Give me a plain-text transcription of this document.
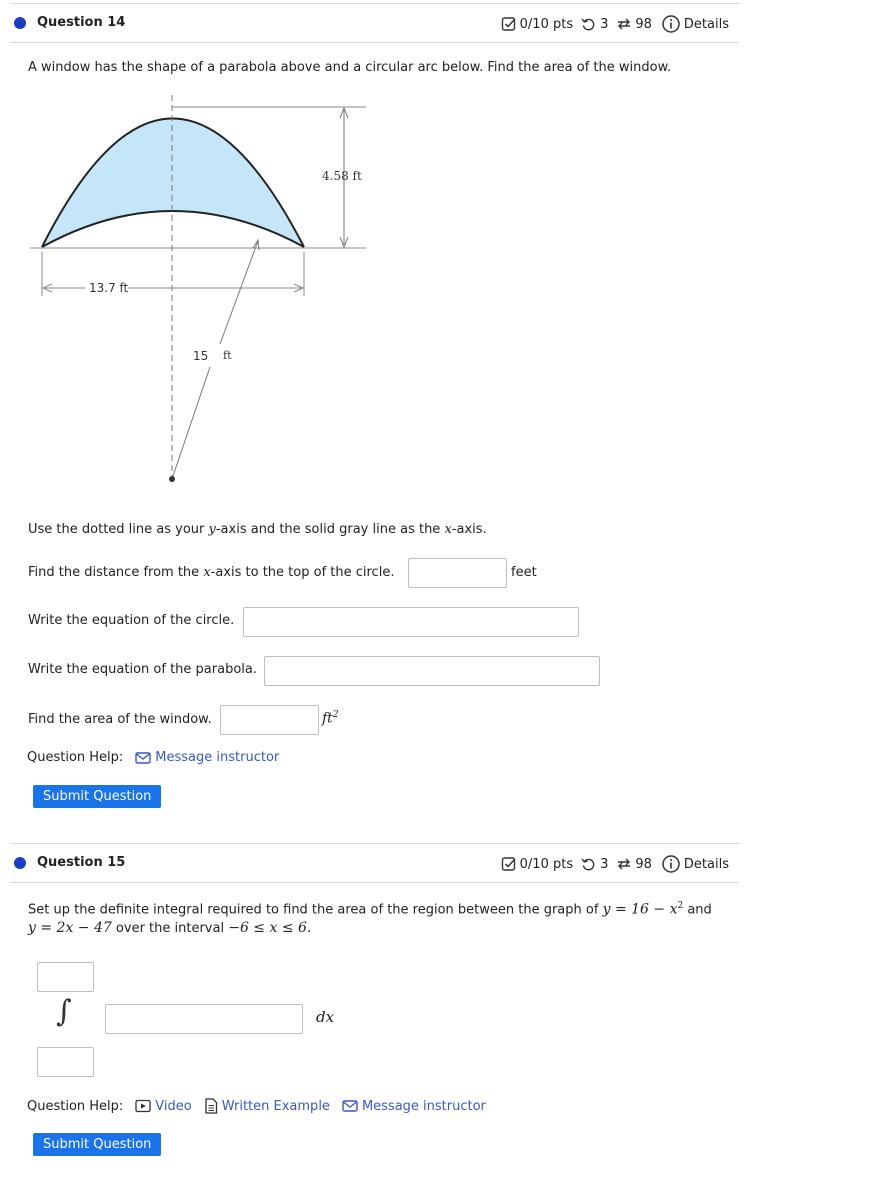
Question 14	0/10 pts 3 98 Details
A window has the shape of a parabola above and a circular arc below. Find the area of the window.
4.58 ft
13.7 ft
15 ft
Use the dotted line as your y-axis and the solid gray line as the x-axis.
Find the distance from the x-axis to the top of the circle.	feet
Write the equation of the circle.
Write the equation of the parabola.
Find the area of the window.	$ft^2$
Question Help: Message instructor
Submit Question
Question 15	0/10 pts 3 98 Details
Set up the definite integral required to find the area of the region between the graph of $y = 16 - x^2$ and
y = 2x − 47 over the interval −6 ≤ x ≤ 6.
∫	dx
Question Help: Video Written Example Message instructor
Submit Question
